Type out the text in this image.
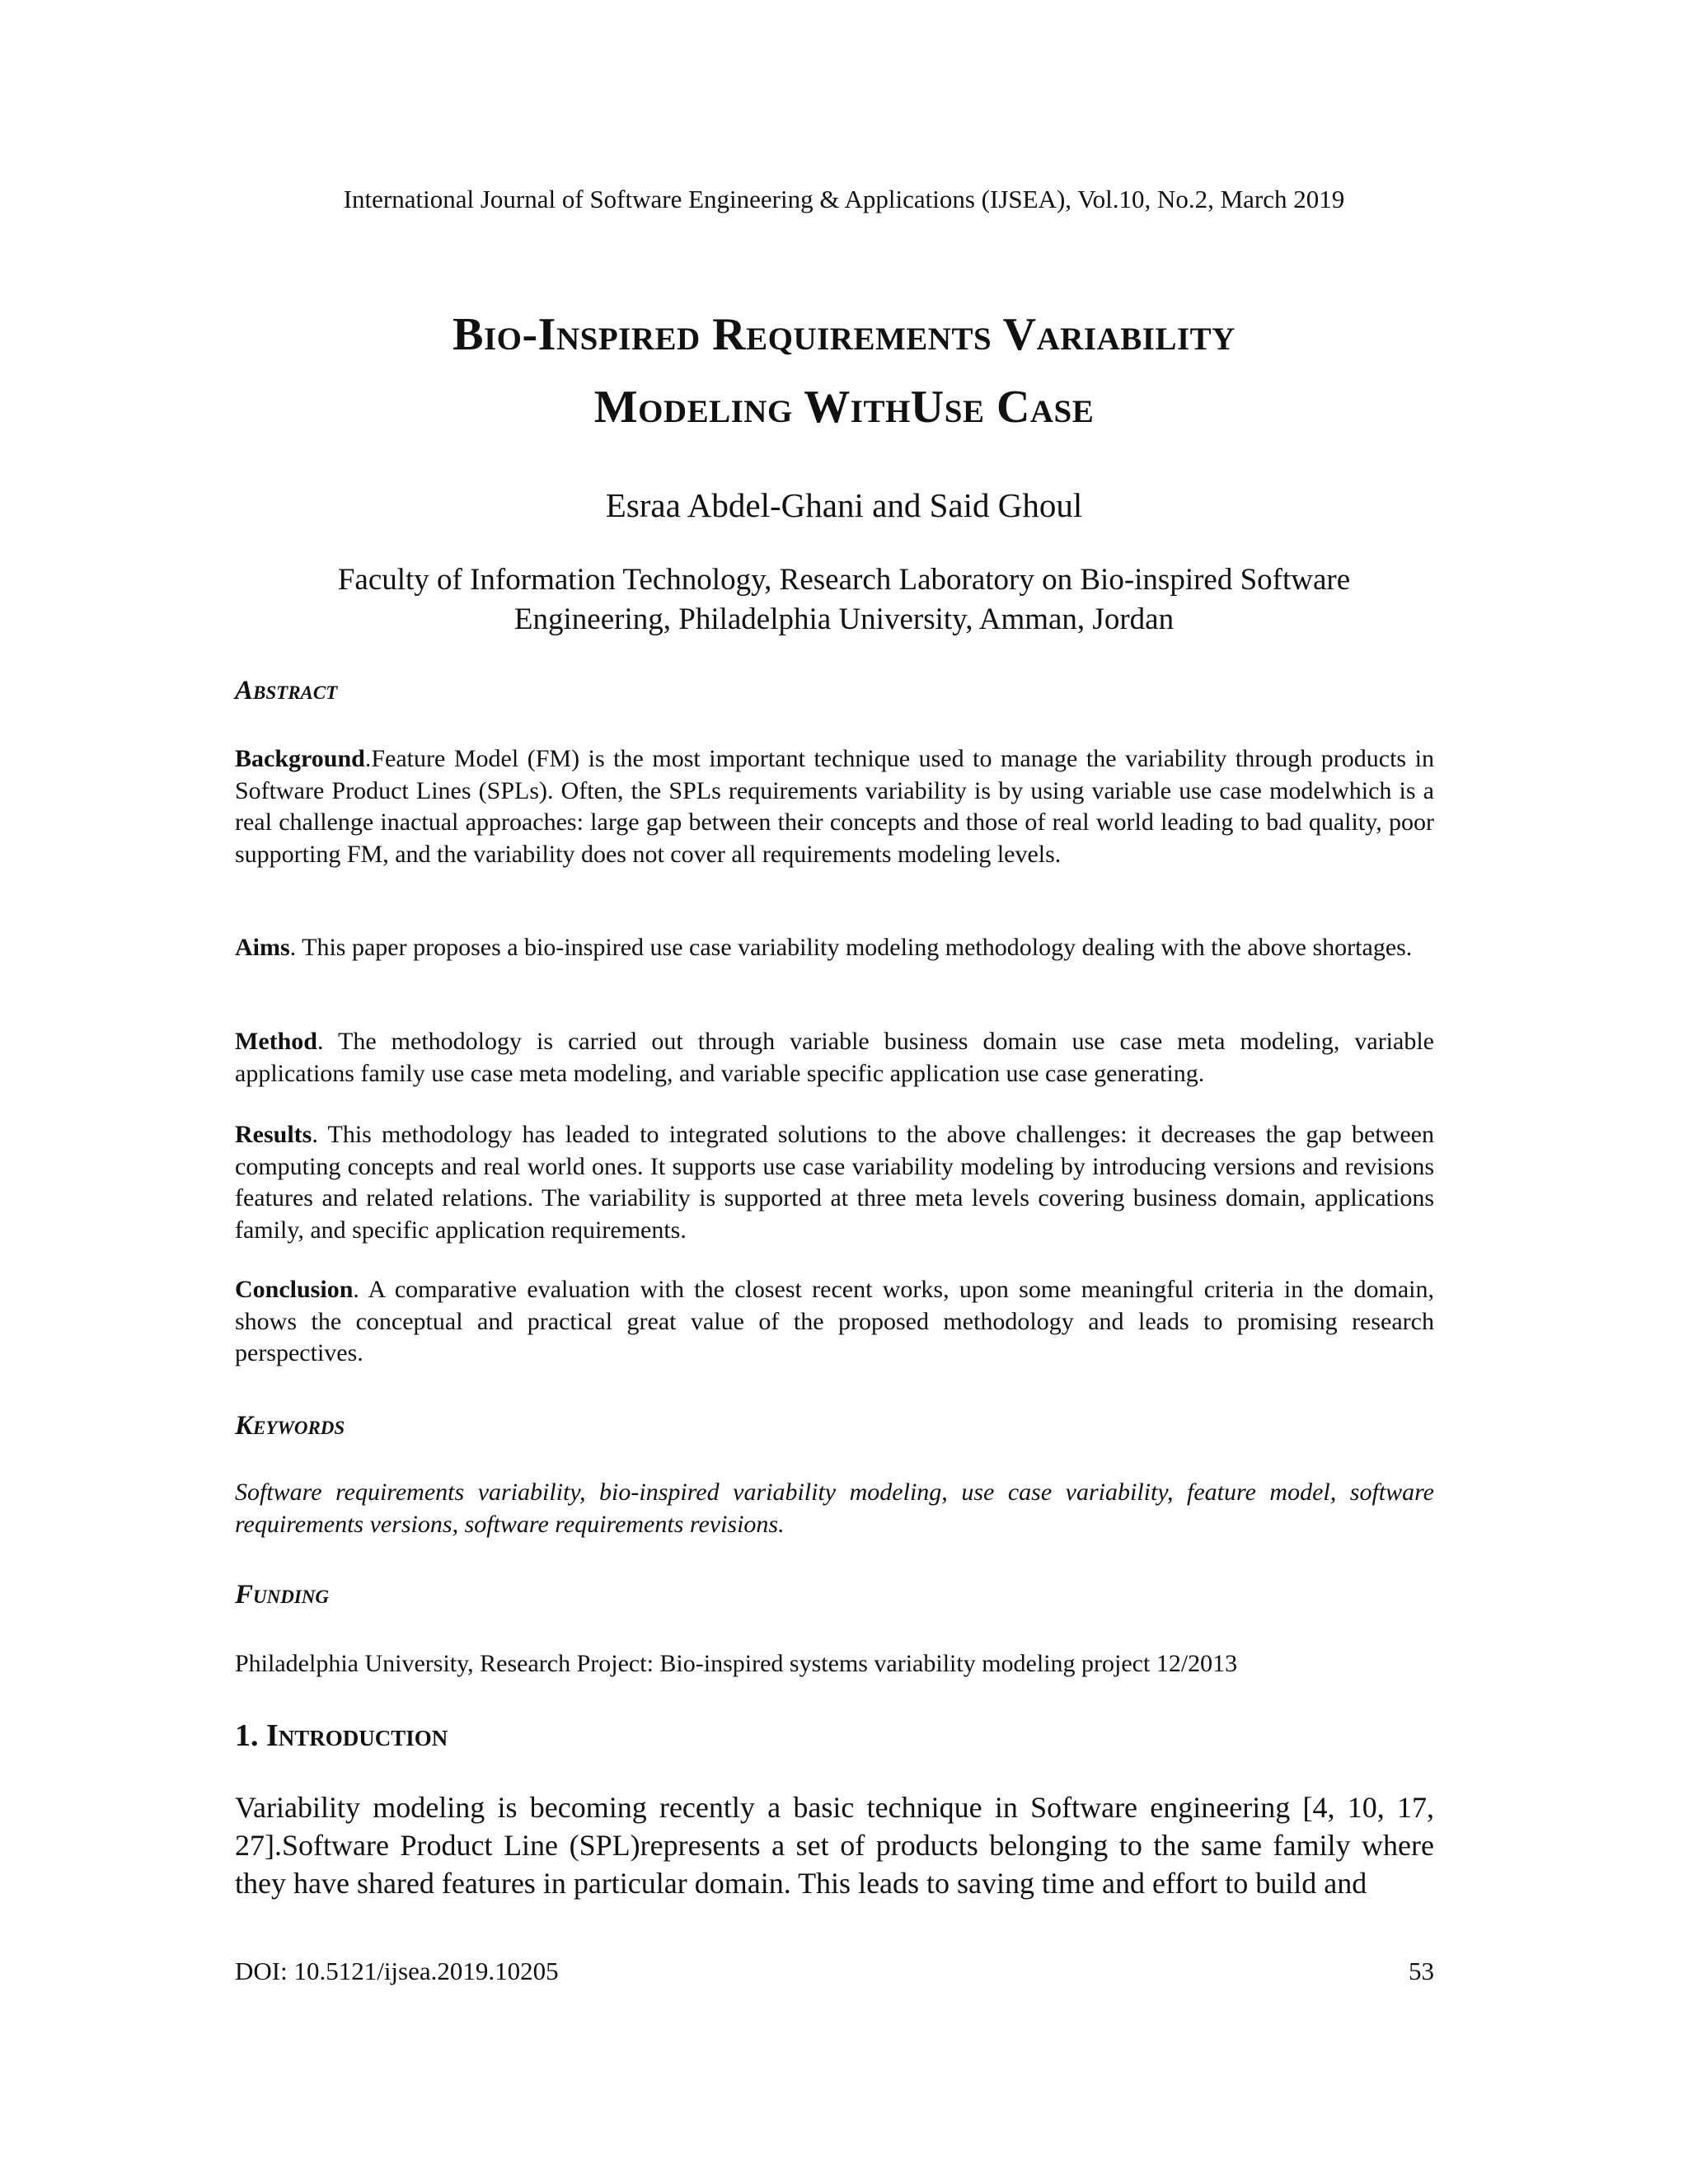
International Journal of Software Engineering & Applications (IJSEA), Vol.10, No.2, March 2019
Bio-Inspired Requirements Variability
Modeling WithUse Case
Esraa Abdel-Ghani and Said Ghoul
Faculty of Information Technology, Research Laboratory on Bio-inspired Software
Engineering, Philadelphia University, Amman, Jordan
Abstract
Background.Feature Model (FM) is the most important technique used to manage the variability through products in Software Product Lines (SPLs). Often, the SPLs requirements variability is by using variable use case modelwhich is a real challenge inactual approaches: large gap between their concepts and those of real world leading to bad quality, poor supporting FM, and the variability does not cover all requirements modeling levels.
Aims. This paper proposes a bio-inspired use case variability modeling methodology dealing with the above shortages.
Method. The methodology is carried out through variable business domain use case meta modeling, variable applications family use case meta modeling, and variable specific application use case generating.
Results. This methodology has leaded to integrated solutions to the above challenges: it decreases the gap between computing concepts and real world ones. It supports use case variability modeling by introducing versions and revisions features and related relations. The variability is supported at three meta levels covering business domain, applications family, and specific application requirements.
Conclusion. A comparative evaluation with the closest recent works, upon some meaningful criteria in the domain, shows the conceptual and practical great value of the proposed methodology and leads to promising research perspectives.
Keywords
Software requirements variability, bio-inspired variability modeling, use case variability, feature model, software requirements versions, software requirements revisions.
Funding
Philadelphia University, Research Project: Bio-inspired systems variability modeling project 12/2013
1. Introduction
Variability modeling is becoming recently a basic technique in Software engineering [4, 10, 17, 27].Software Product Line (SPL)represents a set of products belonging to the same family where they have shared features in particular domain. This leads to saving time and effort to build and
DOI: 10.5121/ijsea.2019.10205	53
